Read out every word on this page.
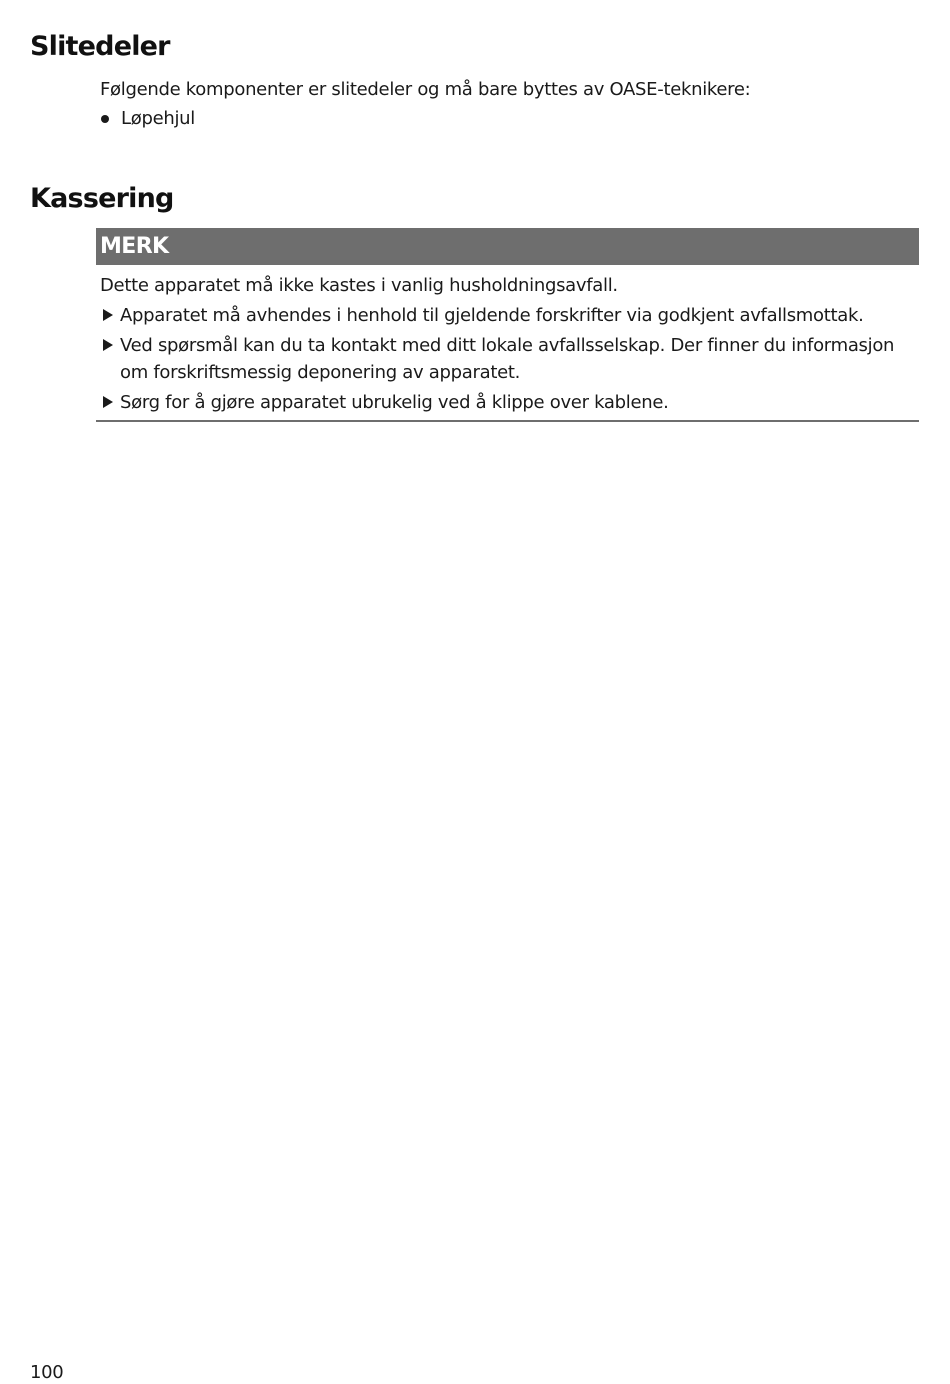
Slitedeler

Følgende komponenter er slitedeler og må bare byttes av OASE-teknikere:

Løpehjul
Kassering
MERK

Dette apparatet må ikke kastes i vanlig husholdningsavfall.

Apparatet må avhendes i henhold til gjeldende forskrifter via godkjent avfallsmottak.
Ved spørsmål kan du ta kontakt med ditt lokale avfallsselskap. Der finner du informasjon om forskriftsmessig deponering av apparatet.
Sørg for å gjøre apparatet ubrukelig ved å klippe over kablene.

100
